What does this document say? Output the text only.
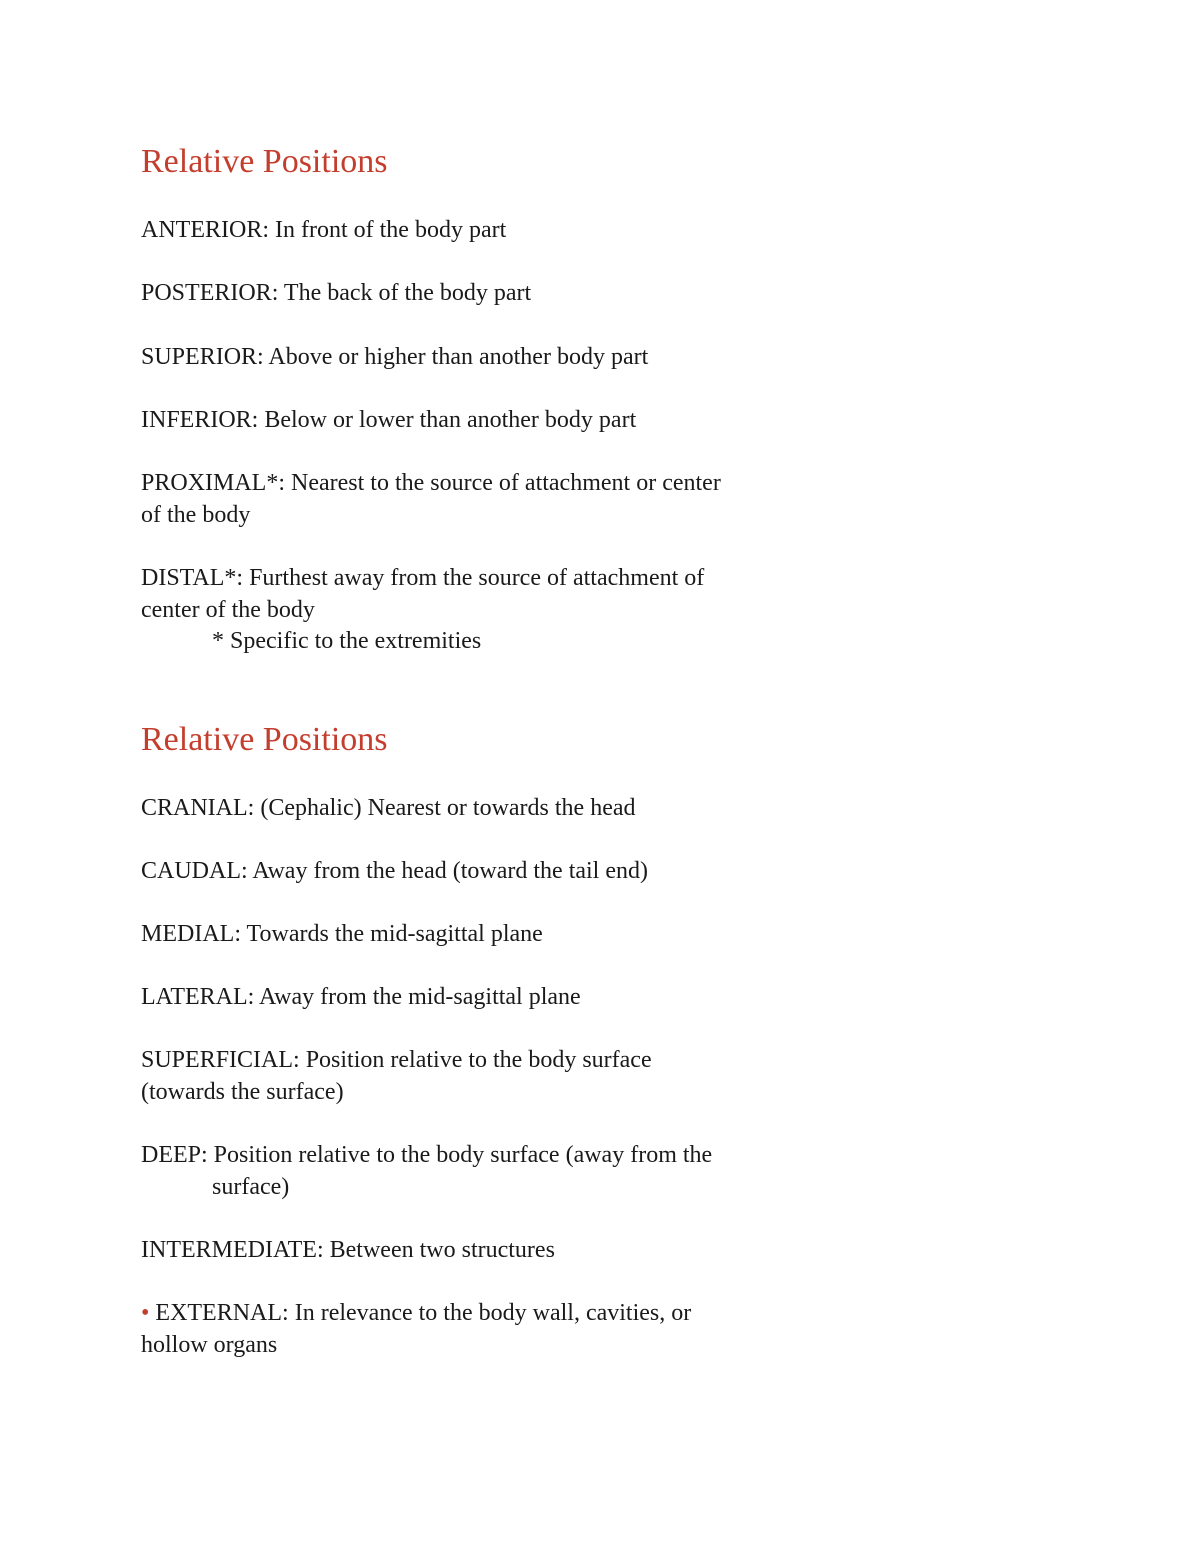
Relative Positions

ANTERIOR: In front of the body part

POSTERIOR: The back of the body part

SUPERIOR: Above or higher than another body part

INFERIOR: Below or lower than another body part

PROXIMAL*: Nearest to the source of attachment or center

of the body

DISTAL*: Furthest away from the source of attachment of

center of the body

* Specific to the extremities

Relative Positions

CRANIAL: (Cephalic) Nearest or towards the head

CAUDAL: Away from the head (toward the tail end)

MEDIAL: Towards the mid-sagittal plane

LATERAL: Away from the mid-sagittal plane

SUPERFICIAL: Position relative to the body surface

(towards the surface)

DEEP: Position relative to the body surface (away from the

surface)

INTERMEDIATE: Between two structures

• EXTERNAL: In relevance to the body wall, cavities, or

hollow organs
